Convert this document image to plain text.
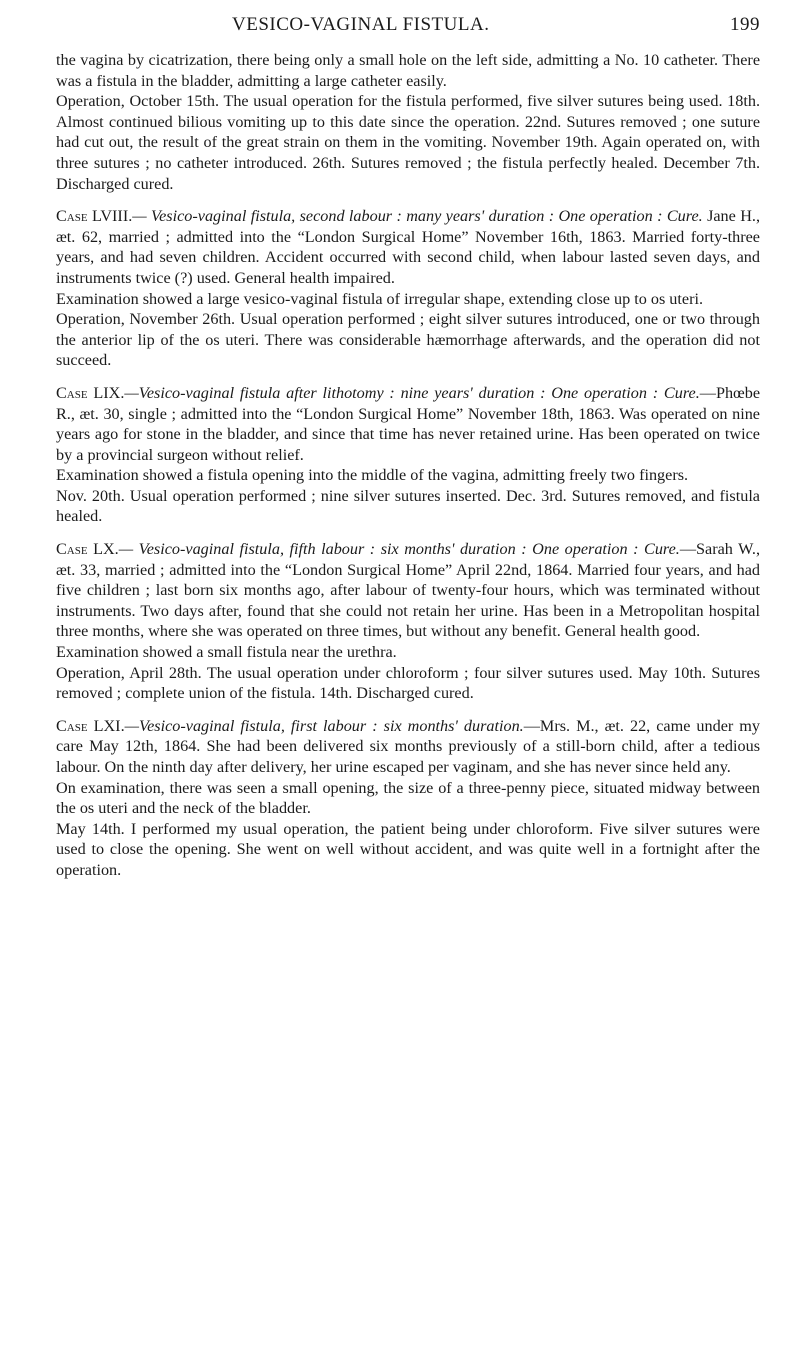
VESICO-VAGINAL FISTULA.	199

the vagina by cicatrization, there being only a small hole on the left side, admitting a No. 10 catheter. There was a fistula in the bladder, admitting a large catheter easily.

Operation, October 15th. The usual operation for the fistula performed, five silver sutures being used. 18th. Almost continued bilious vomiting up to this date since the operation. 22nd. Sutures removed ; one suture had cut out, the result of the great strain on them in the vomiting. November 19th. Again operated on, with three sutures ; no catheter introduced. 26th. Sutures removed ; the fistula perfectly healed. December 7th. Discharged cured.

Case LVIII.— Vesico-vaginal fistula, second labour : many years' duration : One operation : Cure. Jane H., æt. 62, married ; admitted into the “London Surgical Home” November 16th, 1863. Married forty-three years, and had seven children. Accident occurred with second child, when labour lasted seven days, and instruments twice (?) used. General health impaired.

Examination showed a large vesico-vaginal fistula of irregular shape, extending close up to os uteri.

Operation, November 26th. Usual operation performed ; eight silver sutures introduced, one or two through the anterior lip of the os uteri. There was considerable hæmorrhage afterwards, and the operation did not succeed.

Case LIX.—Vesico-vaginal fistula after lithotomy : nine years' duration : One operation : Cure.—Phœbe R., æt. 30, single ; admitted into the “London Surgical Home” November 18th, 1863. Was operated on nine years ago for stone in the bladder, and since that time has never retained urine. Has been operated on twice by a provincial surgeon without relief.

Examination showed a fistula opening into the middle of the vagina, admitting freely two fingers.

Nov. 20th. Usual operation performed ; nine silver sutures inserted. Dec. 3rd. Sutures removed, and fistula healed.

Case LX.— Vesico-vaginal fistula, fifth labour : six months' duration : One operation : Cure.—Sarah W., æt. 33, married ; admitted into the “London Surgical Home” April 22nd, 1864. Married four years, and had five children ; last born six months ago, after labour of twenty-four hours, which was terminated without instruments. Two days after, found that she could not retain her urine. Has been in a Metropolitan hospital three months, where she was operated on three times, but without any benefit. General health good.

Examination showed a small fistula near the urethra.

Operation, April 28th. The usual operation under chloroform ; four silver sutures used. May 10th. Sutures removed ; complete union of the fistula. 14th. Discharged cured.

Case LXI.—Vesico-vaginal fistula, first labour : six months' duration.—Mrs. M., æt. 22, came under my care May 12th, 1864. She had been delivered six months previously of a still-born child, after a tedious labour. On the ninth day after delivery, her urine escaped per vaginam, and she has never since held any.

On examination, there was seen a small opening, the size of a three-penny piece, situated midway between the os uteri and the neck of the bladder.

May 14th. I performed my usual operation, the patient being under chloroform. Five silver sutures were used to close the opening. She went on well without accident, and was quite well in a fortnight after the operation.
